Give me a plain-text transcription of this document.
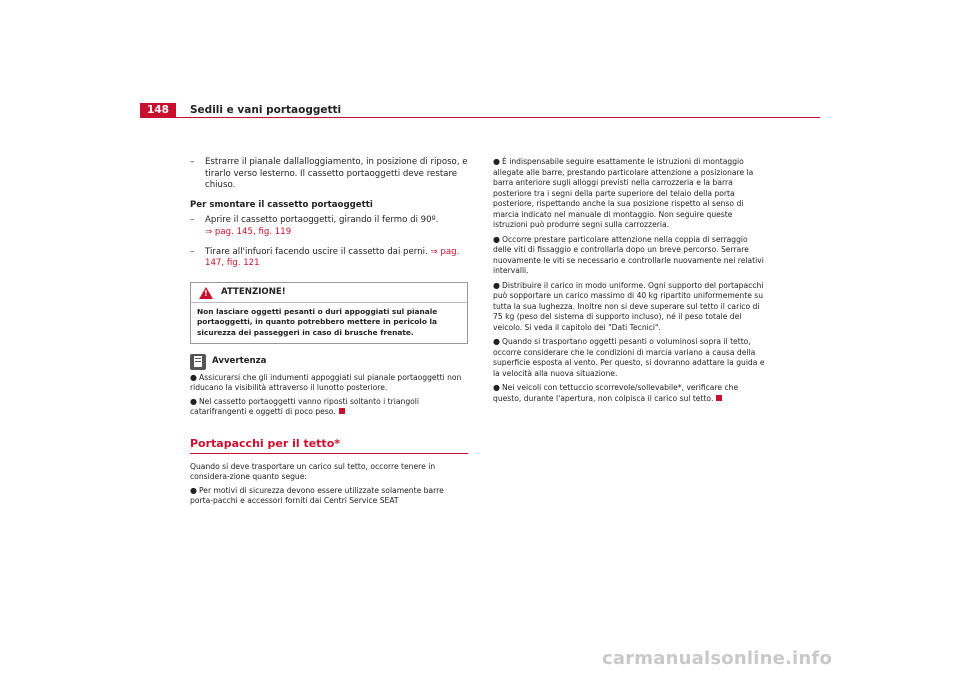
148	Sedili e vani portaoggetti
– Estrarre il pianale dallalloggiamento, in posizione di riposo, e tirarlo verso lesterno. Il cassetto portaoggetti deve restare chiuso.
Per smontare il cassetto portaoggetti
– Aprire il cassetto portaoggetti, girando il fermo di 90º.
⇒ pag. 145, fig. 119
– Tirare all'infuori facendo uscire il cassetto dai perni. ⇒ pag. 147, fig. 121
! ATTENZIONE!
Non lasciare oggetti pesanti o duri appoggiati sul pianale portaoggetti, in quanto potrebbero mettere in pericolo la sicurezza dei passeggeri in caso di brusche frenate.
Avvertenza
● Assicurarsi che gli indumenti appoggiati sul pianale portaoggetti non riducano la visibilità attraverso il lunotto posteriore.
● Nel cassetto portaoggetti vanno riposti soltanto i triangoli catarifrangenti e oggetti di poco peso.
Portapacchi per il tetto*
Quando si deve trasportare un carico sul tetto, occorre tenere in considera-zione quanto segue:
● Per motivi di sicurezza devono essere utilizzate solamente barre porta-pacchi e accessori forniti dai Centri Service SEAT
● È indispensabile seguire esattamente le istruzioni di montaggio allegate alle barre, prestando particolare attenzione a posizionare la barra anteriore sugli alloggi previsti nella carrozzeria e la barra posteriore tra i segni della parte superiore del telaio della porta posteriore, rispettando anche la sua posizione rispetto al senso di marcia indicato nel manuale di montaggio. Non seguire queste istruzioni può produrre segni sulla carrozzeria.
● Occorre prestare particolare attenzione nella coppia di serraggio delle viti di fissaggio e controllarla dopo un breve percorso. Serrare nuovamente le viti se necessario e controllarle nuovamente nei relativi intervalli.
● Distribuire il carico in modo uniforme. Ogni supporto del portapacchi può sopportare un carico massimo di 40 kg ripartito uniformemente su tutta la sua lughezza. Inoltre non si deve superare sul tetto il carico di 75 kg (peso del sistema di supporto incluso), né il peso totale del veicolo. Si veda il capitolo dei "Dati Tecnici".
● Quando si trasportano oggetti pesanti o voluminosi sopra il tetto, occorre considerare che le condizioni di marcia variano a causa della superficie esposta al vento. Per questo, si dovranno adattare la guida e la velocità alla nuova situazione.
● Nei veicoli con tettuccio scorrevole/sollevabile*, verificare che questo, durante l'apertura, non colpisca il carico sul tetto.
carmanualsonline.info
